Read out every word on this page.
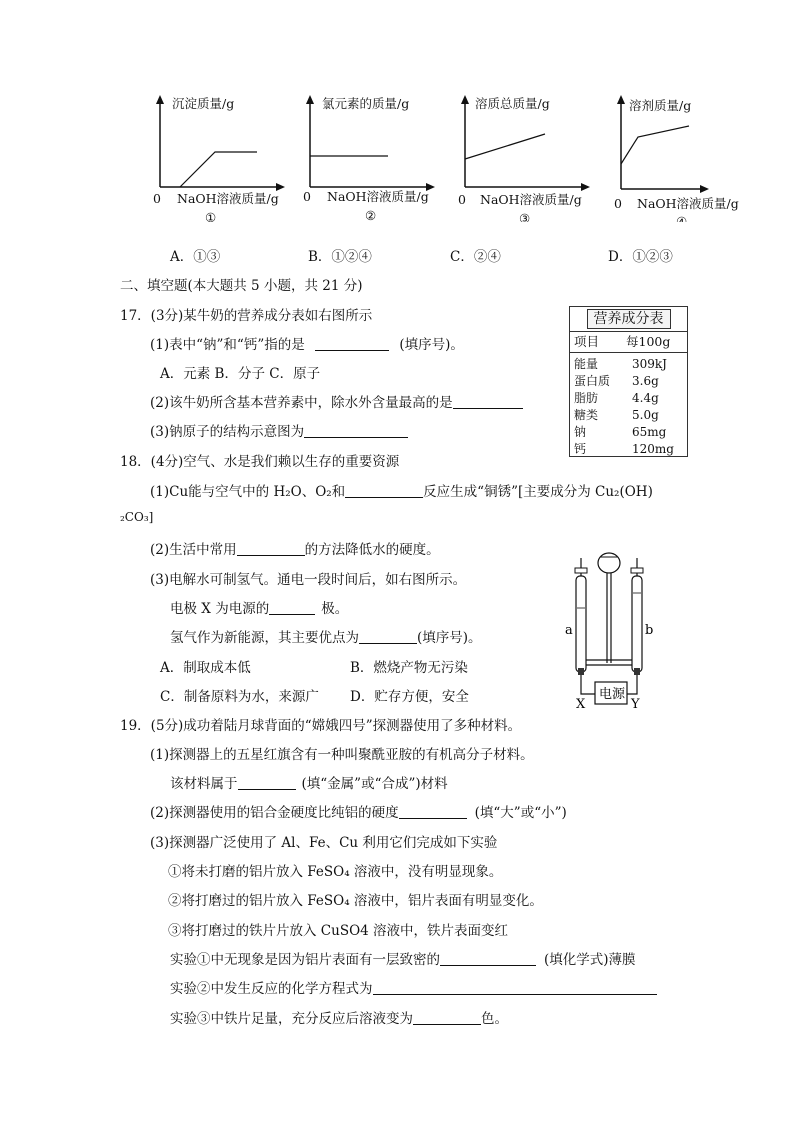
沉淀质量/g
0 NaOH溶液质量/g
①
氯元素的质量/g
0 NaOH溶液质量/g
②
溶质总质量/g
0 NaOH溶液质量/g
③
溶剂质量/g
0 NaOH溶液质量/g
④
A．①③	B．①②④	C．②④	D．①②③
二、填空题(本大题共 5 小题，共 21 分)
17．(3分)某牛奶的营养成分表如右图所示
(1)表中“钠”和“钙”指的是	(填序号)。
A．元素 B．分子 C．原子
(2)该牛奶所含基本营养素中，除水外含量最高的是
(3)钠原子的结构示意图为
营养成分表
项目 每100g
能量	309kJ
蛋白质 3.6g
脂肪	4.4g
糖类	5.0g
钠	65mg
钙	120mg
18．(4分)空气、水是我们赖以生存的重要资源
(1)Cu能与空气中的 H₂O、O₂和	反应生成“铜锈”[主要成分为 Cu₂(OH)
₂CO₃]
(2)生活中常用	的方法降低水的硬度。
(3)电解水可制氢气。通电一段时间后，如右图所示。
电极 X 为电源的	极。
氢气作为新能源，其主要优点为	(填序号)。
A．制取成本低	B．燃烧产物无污染
C．制备原料为水，来源广 D．贮存方便，安全	电源
a	b
X	Y
19．(5分)成功着陆月球背面的“嫦娥四号”探测器使用了多种材料。
(1)探测器上的五星红旗含有一种叫聚酰亚胺的有机高分子材料。
该材料属于	(填“金属”或“合成”)材料
(2)探测器使用的铝合金硬度比纯铝的硬度	(填“大”或“小”)
(3)探测器广泛使用了 Al、Fe、Cu 利用它们完成如下实验
①将未打磨的铝片放入 FeSO₄ 溶液中，没有明显现象。
②将打磨过的铝片放入 FeSO₄ 溶液中，铝片表面有明显变化。
③将打磨过的铁片片放入 CuSO4 溶液中，铁片表面变红
实验①中无现象是因为铝片表面有一层致密的	(填化学式)薄膜
实验②中发生反应的化学方程式为
实验③中铁片足量，充分反应后溶液变为	色。
